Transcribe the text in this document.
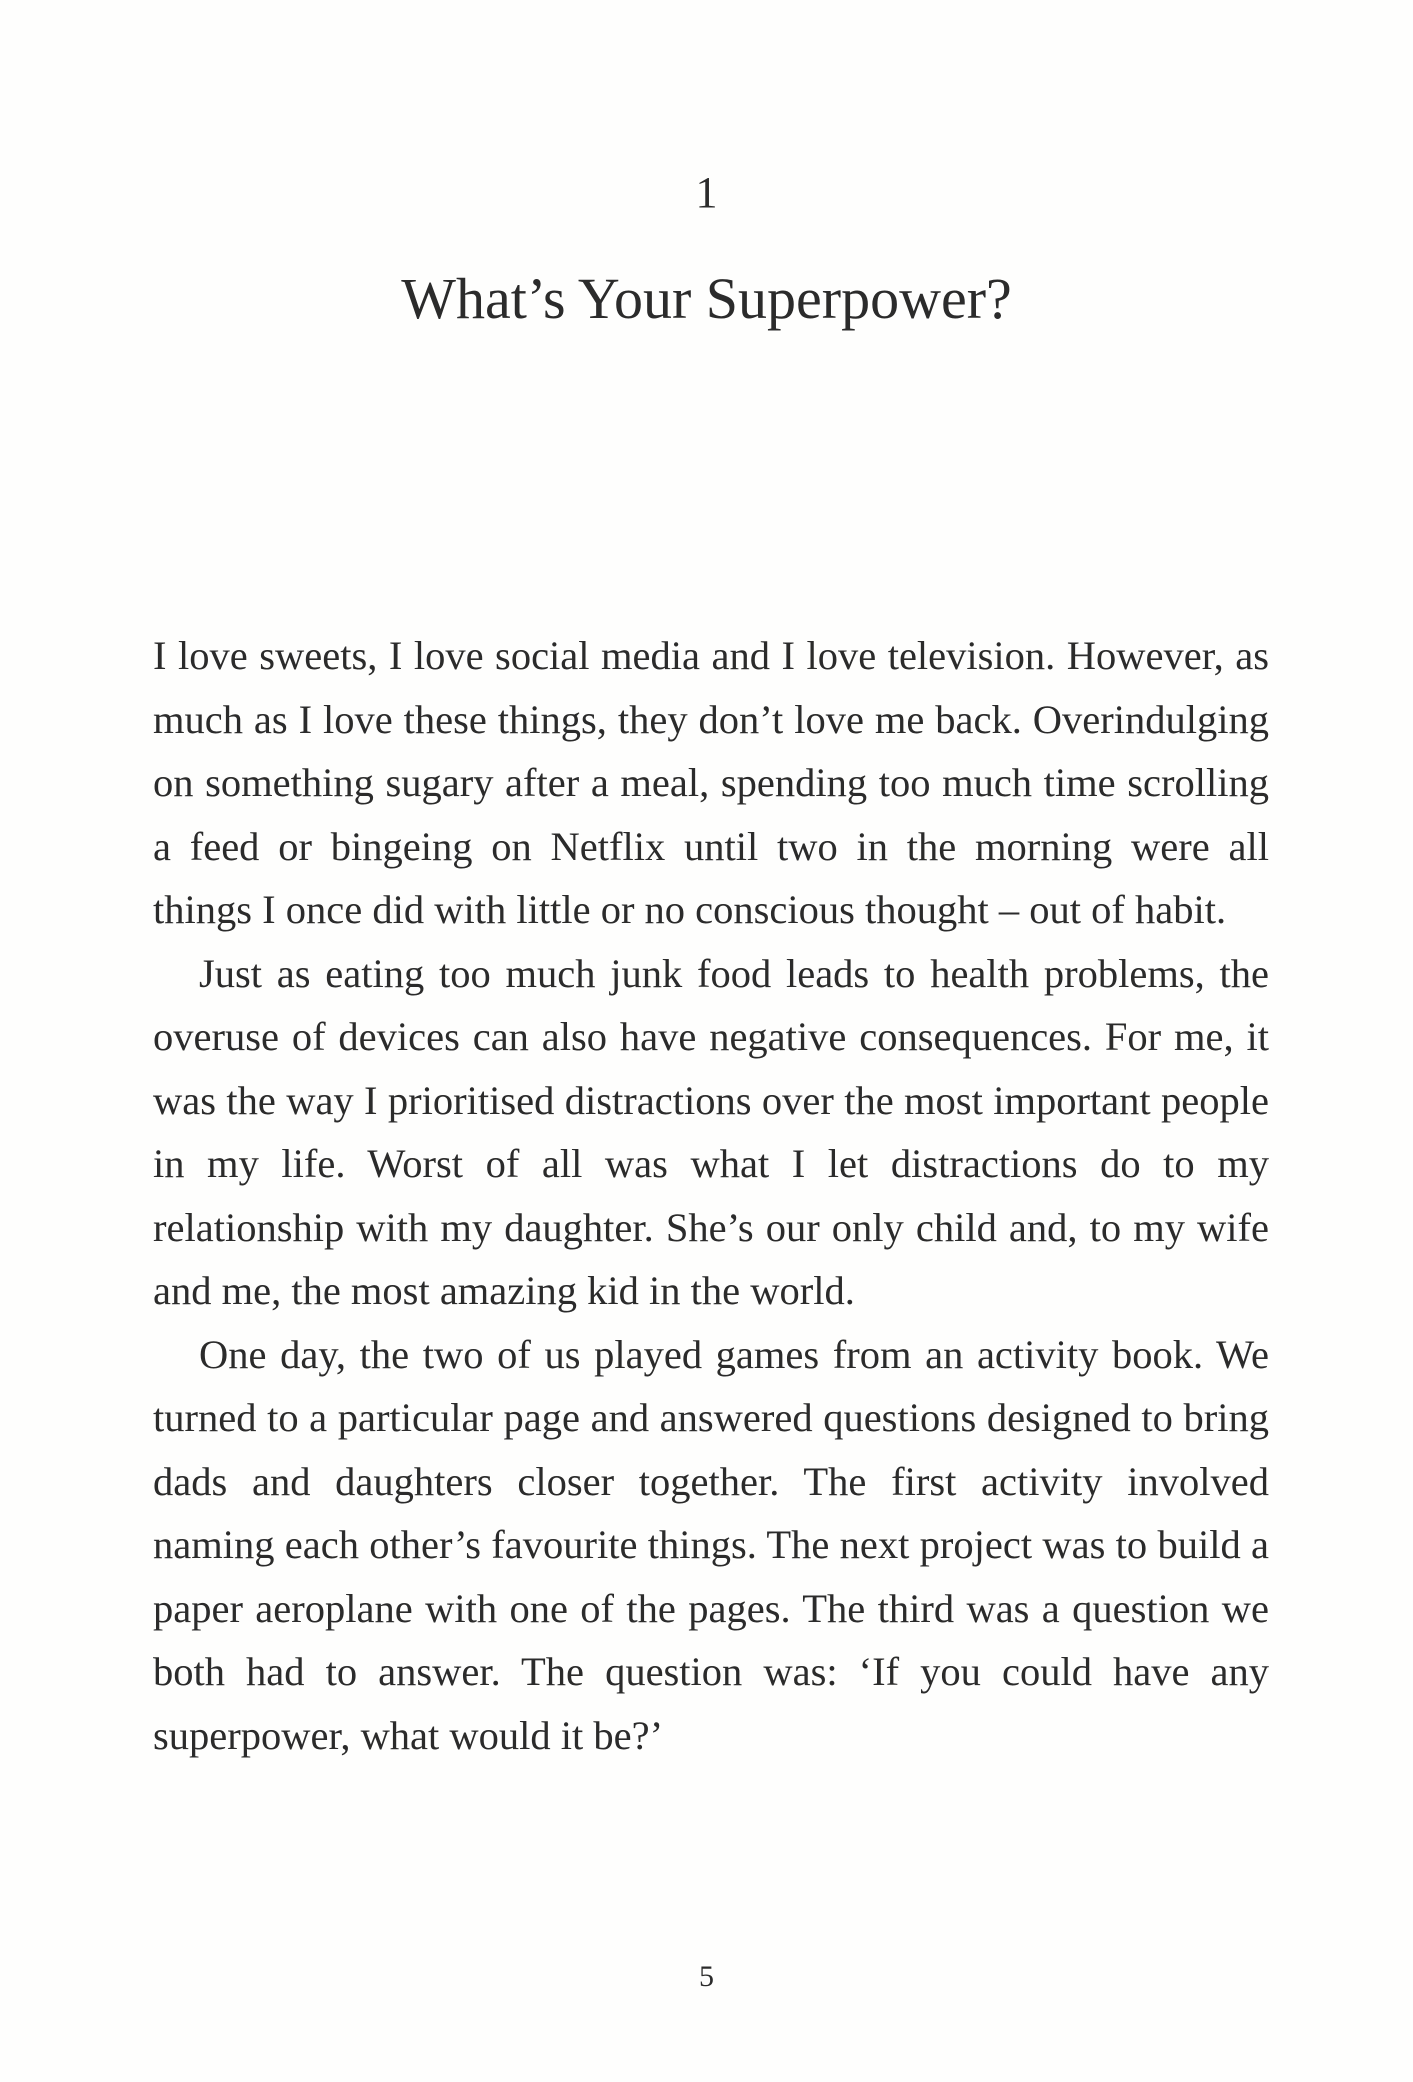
1
What’s Your Superpower?

I love sweets, I love social media and I love television. However, as much as I love these things, they don’t love me back. Overindulging on something sugary after a meal, spending too much time scrolling a feed or bingeing on Netflix until two in the morning were all things I once did with little or no conscious thought – out of habit.

Just as eating too much junk food leads to health problems, the overuse of devices can also have negative consequences. For me, it was the way I prioritised distractions over the most important people in my life. Worst of all was what I let distractions do to my relationship with my daughter. She’s our only child and, to my wife and me, the most amazing kid in the world.

One day, the two of us played games from an activity book. We turned to a particular page and answered questions designed to bring dads and daughters closer together. The first activity involved naming each other’s favourite things. The next project was to build a paper aeroplane with one of the pages. The third was a question we both had to answer. The question was: ‘If you could have any superpower, what would it be?’

5
